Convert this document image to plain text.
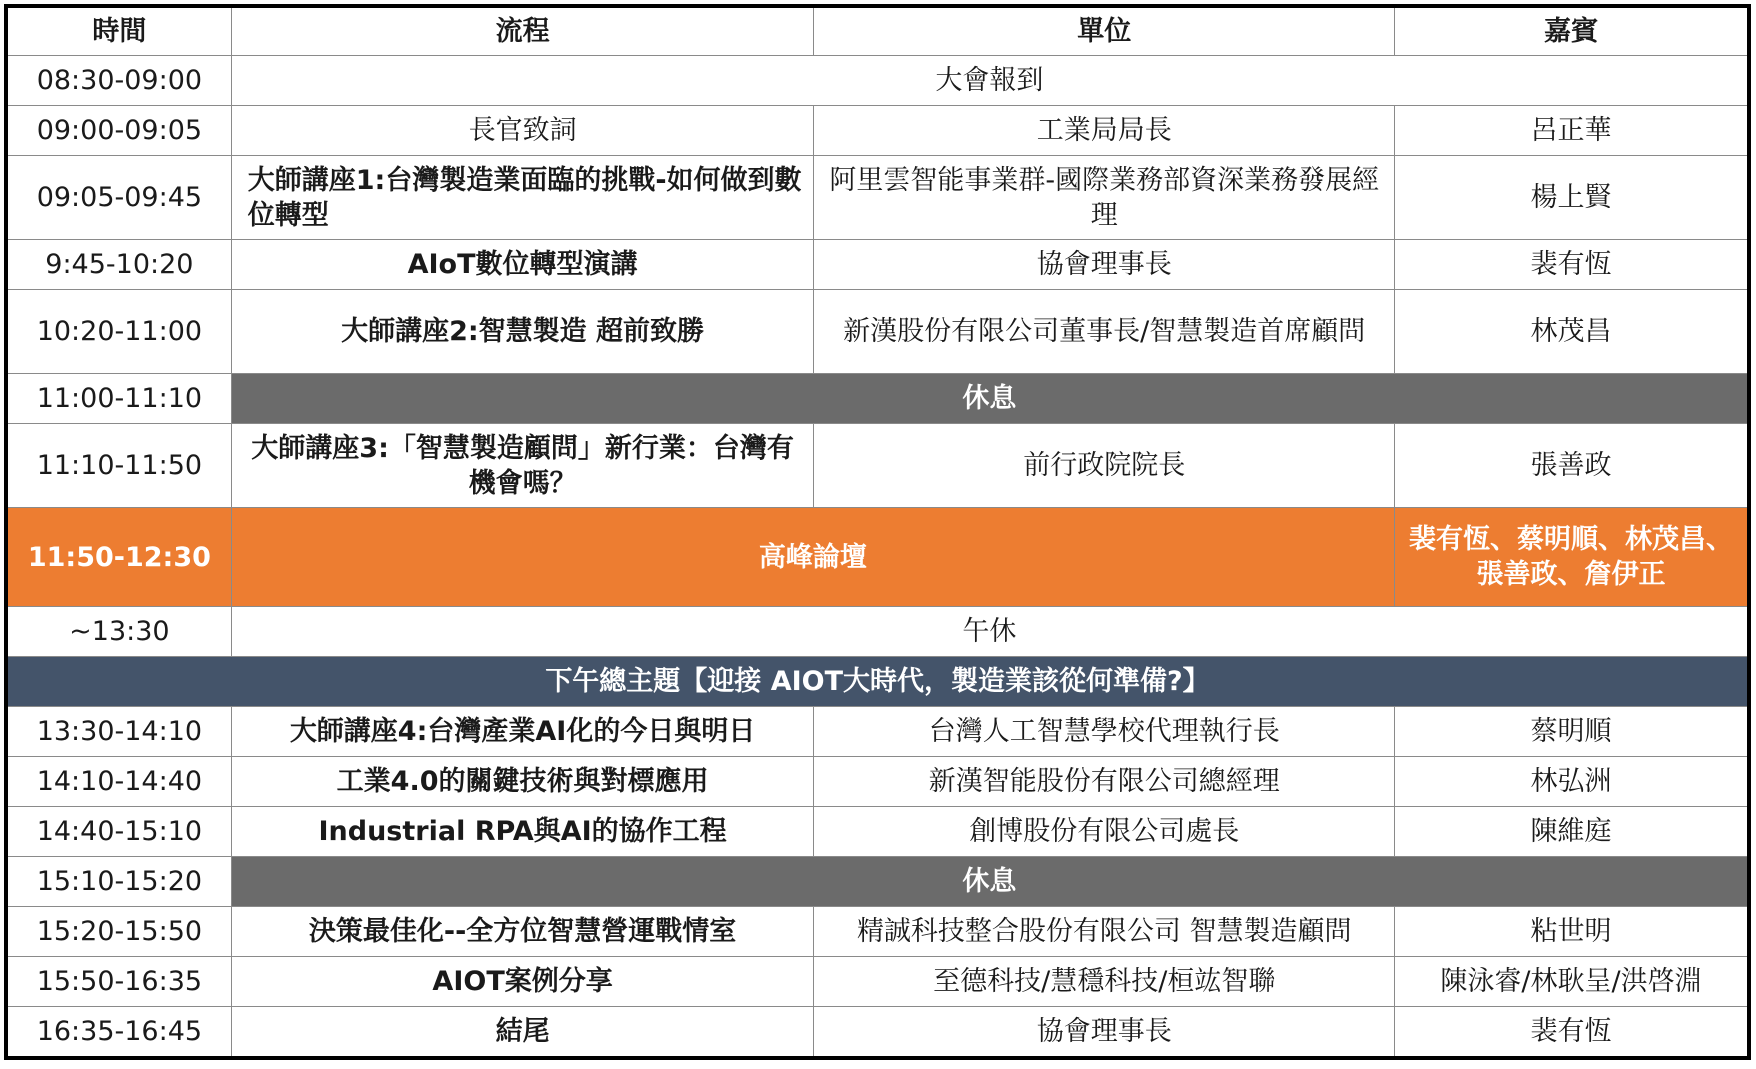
時間	流程	單位	嘉賓
08:30-09:00	大會報到		
09:00-09:05	長官致詞	工業局局長	呂正華
09:05-09:45	大師講座1:台灣製造業面臨的挑戰-如何做到數位轉型	阿里雲智能事業群-國際業務部資深業務發展經理	楊上賢
9:45-10:20	AIoT數位轉型演講	協會理事長	裴有恆
10:20-11:00	大師講座2:智慧製造 超前致勝	新漢股份有限公司董事長/智慧製造首席顧問	林茂昌
11:00-11:10	休息		
11:10-11:50	大師講座3:「智慧製造顧問」新行業：台灣有機會嗎？	前行政院院長	張善政
11:50-12:30	高峰論壇		裴有恆、蔡明順、林茂昌、張善政、詹伊正
~13:30	午休		
下午總主題【迎接 AIOT大時代，製造業該從何準備?】			
13:30-14:10	大師講座4:台灣產業AI化的今日與明日	台灣人工智慧學校代理執行長	蔡明順
14:10-14:40	工業4.0的關鍵技術與對標應用	新漢智能股份有限公司總經理	林弘洲
14:40-15:10	Industrial RPA與AI的協作工程	創博股份有限公司處長	陳維庭
15:10-15:20	休息		
15:20-15:50	決策最佳化--全方位智慧營運戰情室	精誠科技整合股份有限公司 智慧製造顧問	粘世明
15:50-16:35	AIOT案例分享	至德科技/慧穩科技/桓竑智聯	陳泳睿/林耿呈/洪啓淵
16:35-16:45	結尾	協會理事長	裴有恆
